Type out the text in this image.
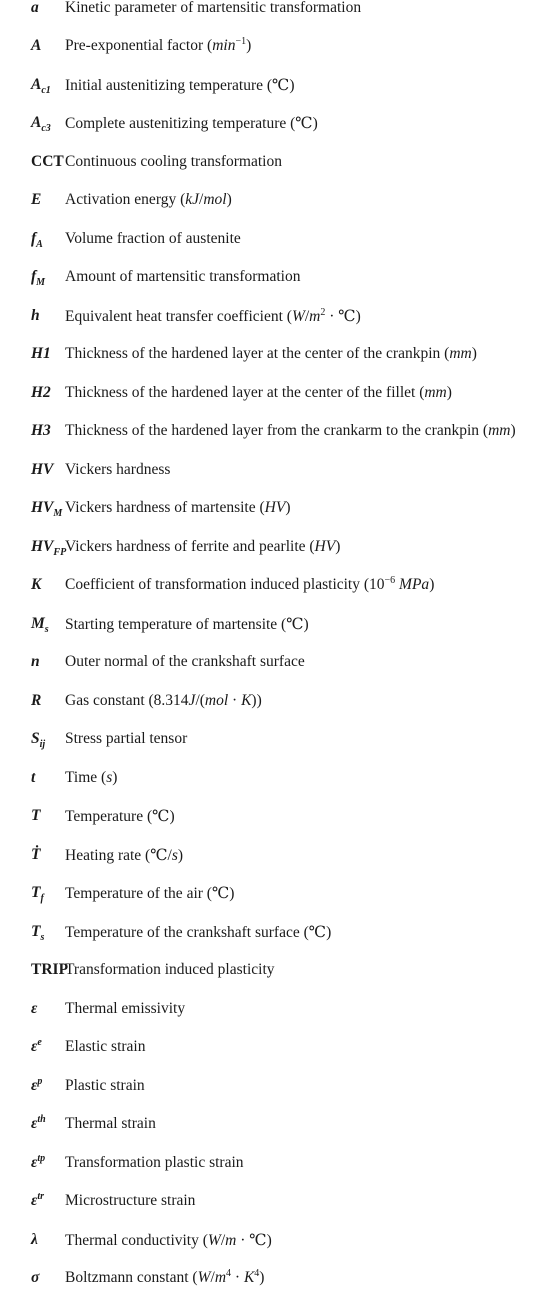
a Kinetic parameter of martensitic transformation
A Pre-exponential factor $(\min^{-1})$
$A_{c1}$ Initial austenitizing temperature (℃)
$A_{c3}$ Complete austenitizing temperature (℃)
CCT Continuous cooling transformation
E Activation energy (kJ/mol)
$f_A$ Volume fraction of austenite
$f_M$ Amount of martensitic transformation
h Equivalent heat transfer coefficient ($W/m^2$ · ℃)
H1 Thickness of the hardened layer at the center of the crankpin (mm)
H2 Thickness of the hardened layer at the center of the fillet (mm)
H3 Thickness of the hardened layer from the crankarm to the crankpin (mm)
HV Vickers hardness
$HV_M$ Vickers hardness of martensite (HV)
$HV_{FP}$
Vickers hardness of ferrite and pearlite (HV)
K Coefficient of transformation induced plasticity ($10^{-6}$ MPa)
$M_s$ Starting temperature of martensite (℃)
n Outer normal of the crankshaft surface
R Gas constant (8.314J/(mol · K))
$S_{ij}$ Stress partial tensor
t Time (s)
T Temperature (℃)
Ṫ Heating rate (℃/s)
$T_f$ Temperature of the air (℃)
$T_s$ Temperature of the crankshaft surface (℃)
TRIP
Transformation induced plasticity
ε Thermal emissivity
$\varepsilon^e$ Elastic strain
$\varepsilon^p$ Plastic strain
$\varepsilon^{th}$ Thermal strain
$\varepsilon^{tp}$ Transformation plastic strain
$\varepsilon^{tr}$ Microstructure strain
λ Thermal conductivity (W/m · ℃)
σ Boltzmann constant $(W/m^4 \cdot K^4)$
